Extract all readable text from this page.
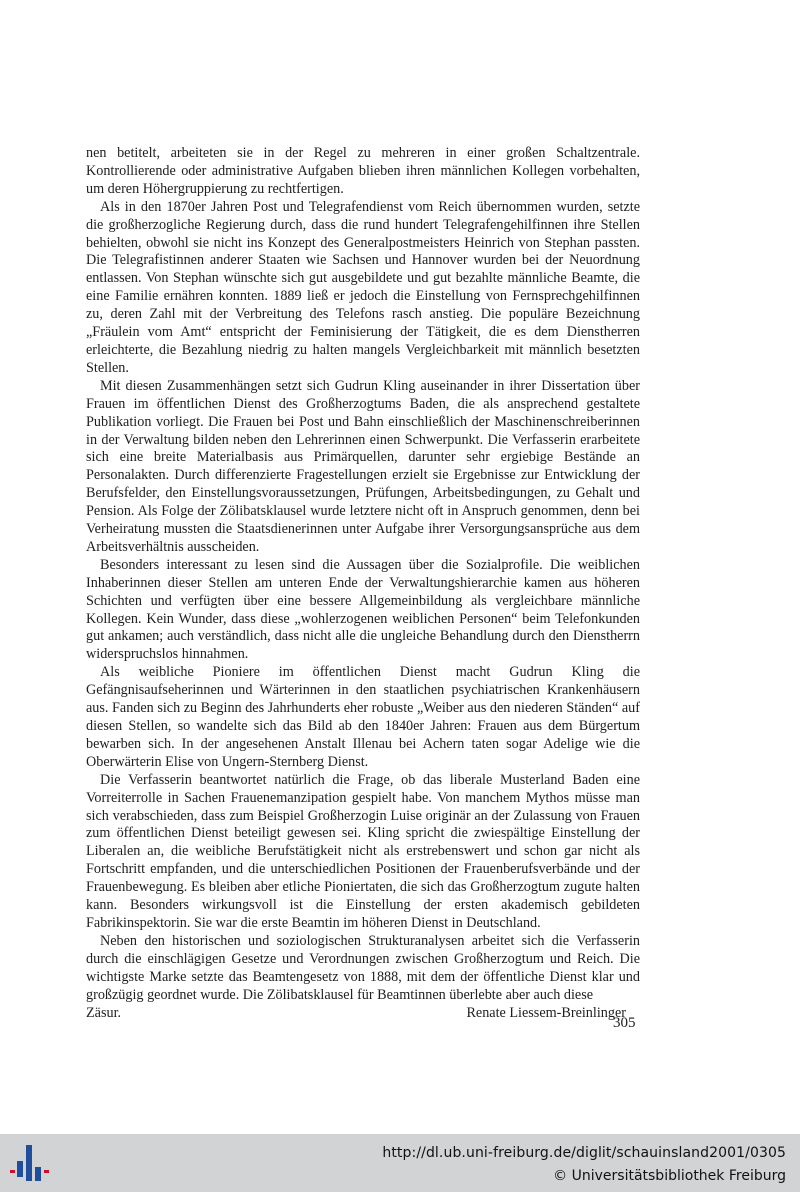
nen betitelt, arbeiteten sie in der Regel zu mehreren in einer großen Schaltzentrale. Kontrollierende oder administrative Aufgaben blieben ihren männlichen Kollegen vorbehalten, um deren Höhergruppierung zu rechtfertigen.

Als in den 1870er Jahren Post und Telegrafendienst vom Reich übernommen wurden, setzte die großherzogliche Regierung durch, dass die rund hundert Telegrafengehilfinnen ihre Stellen behielten, obwohl sie nicht ins Konzept des Generalpostmeisters Heinrich von Stephan passten. Die Telegrafistinnen anderer Staaten wie Sachsen und Hannover wurden bei der Neuordnung entlassen. Von Stephan wünschte sich gut ausgebildete und gut bezahlte männliche Beamte, die eine Familie ernähren konnten. 1889 ließ er jedoch die Einstellung von Fernsprechgehilfinnen zu, deren Zahl mit der Verbreitung des Telefons rasch anstieg. Die populäre Bezeichnung „Fräulein vom Amt“ entspricht der Feminisierung der Tätigkeit, die es dem Dienstherren erleichterte, die Bezahlung niedrig zu halten mangels Vergleichbarkeit mit männlich besetzten Stellen.

Mit diesen Zusammenhängen setzt sich Gudrun Kling auseinander in ihrer Dissertation über Frauen im öffentlichen Dienst des Großherzogtums Baden, die als ansprechend gestaltete Publikation vorliegt. Die Frauen bei Post und Bahn einschließlich der Maschinenschreiberinnen in der Verwaltung bilden neben den Lehrerinnen einen Schwerpunkt. Die Verfasserin erarbeitete sich eine breite Materialbasis aus Primärquellen, darunter sehr ergiebige Bestände an Personalakten. Durch differenzierte Fragestellungen erzielt sie Ergebnisse zur Entwicklung der Berufsfelder, den Einstellungsvoraussetzungen, Prüfungen, Arbeitsbedingungen, zu Gehalt und Pension. Als Folge der Zölibatsklausel wurde letztere nicht oft in Anspruch genommen, denn bei Verheiratung mussten die Staatsdienerinnen unter Aufgabe ihrer Versorgungsansprüche aus dem Arbeitsverhältnis ausscheiden.

Besonders interessant zu lesen sind die Aussagen über die Sozialprofile. Die weiblichen Inhaberinnen dieser Stellen am unteren Ende der Verwaltungshierarchie kamen aus höheren Schichten und verfügten über eine bessere Allgemeinbildung als vergleichbare männliche Kollegen. Kein Wunder, dass diese „wohlerzogenen weiblichen Personen“ beim Telefonkunden gut ankamen; auch verständlich, dass nicht alle die ungleiche Behandlung durch den Dienstherrn widerspruchslos hinnahmen.

Als weibliche Pioniere im öffentlichen Dienst macht Gudrun Kling die Gefängnisaufseherinnen und Wärterinnen in den staatlichen psychiatrischen Krankenhäusern aus. Fanden sich zu Beginn des Jahrhunderts eher robuste „Weiber aus den niederen Ständen“ auf diesen Stellen, so wandelte sich das Bild ab den 1840er Jahren: Frauen aus dem Bürgertum bewarben sich. In der angesehenen Anstalt Illenau bei Achern taten sogar Adelige wie die Oberwärterin Elise von Ungern-Sternberg Dienst.

Die Verfasserin beantwortet natürlich die Frage, ob das liberale Musterland Baden eine Vorreiterrolle in Sachen Frauenemanzipation gespielt habe. Von manchem Mythos müsse man sich verabschieden, dass zum Beispiel Großherzogin Luise originär an der Zulassung von Frauen zum öffentlichen Dienst beteiligt gewesen sei. Kling spricht die zwiespältige Einstellung der Liberalen an, die weibliche Berufstätigkeit nicht als erstrebenswert und schon gar nicht als Fortschritt empfanden, und die unterschiedlichen Positionen der Frauenberufsverbände und der Frauenbewegung. Es bleiben aber etliche Pioniertaten, die sich das Großherzogtum zugute halten kann. Besonders wirkungsvoll ist die Einstellung der ersten akademisch gebildeten Fabrikinspektorin. Sie war die erste Beamtin im höheren Dienst in Deutschland.

Neben den historischen und soziologischen Strukturanalysen arbeitet sich die Verfasserin durch die einschlägigen Gesetze und Verordnungen zwischen Großherzogtum und Reich. Die wichtigste Marke setzte das Beamtengesetz von 1888, mit dem der öffentliche Dienst klar und großzügig geordnet wurde. Die Zölibatsklausel für Beamtinnen überlebte aber auch diese

Zäsur.	Renate Liessem-Breinlinger
305
http://dl.ub.uni-freiburg.de/diglit/schauinsland2001/0305
© Universitätsbibliothek Freiburg
